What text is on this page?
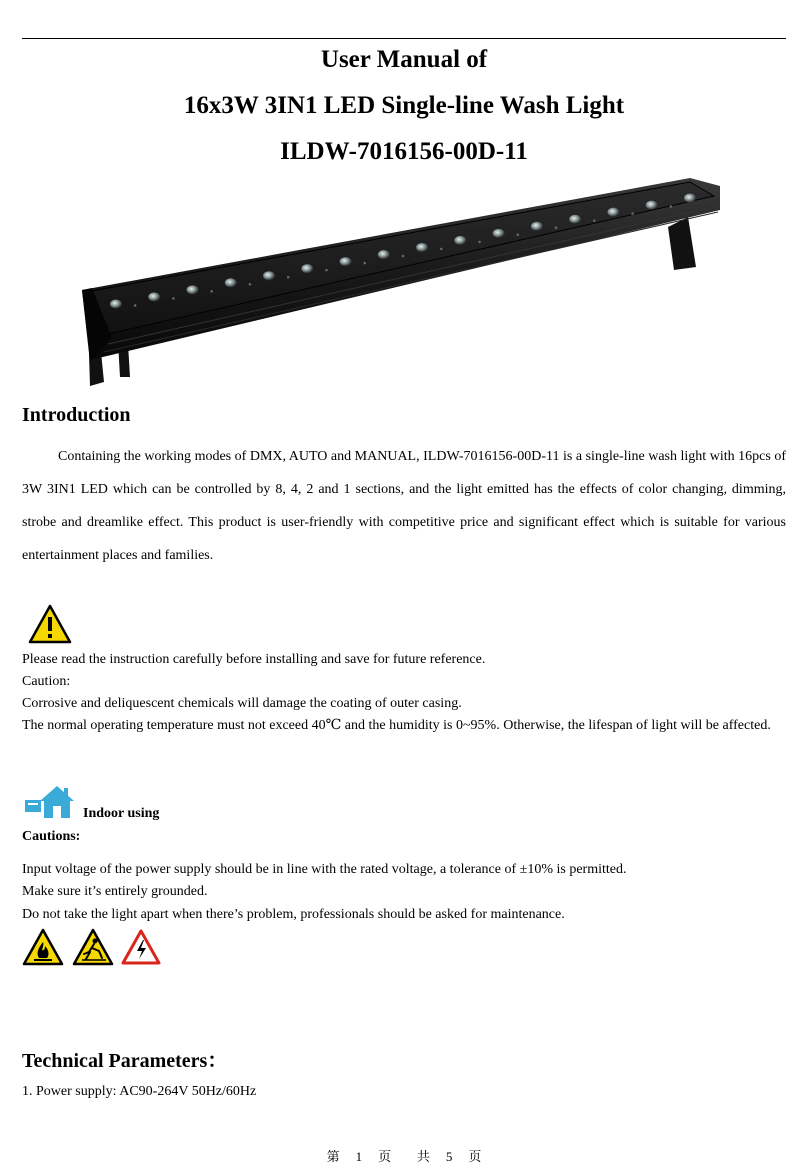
User Manual of
16x3W 3IN1 LED Single-line Wash Light
ILDW-7016156-00D-11
Introduction
Containing the working modes of DMX, AUTO and MANUAL, ILDW-7016156-00D-11 is a single-line wash light with 16pcs of 3W 3IN1 LED which can be controlled by 8, 4, 2 and 1 sections, and the light emitted has the effects of color changing, dimming, strobe and dreamlike effect. This product is user-friendly with competitive price and significant effect which is suitable for various entertainment places and families.
Please read the instruction carefully before installing and save for future reference.
Caution:
Corrosive and deliquescent chemicals will damage the coating of outer casing.
The normal operating temperature must not exceed 40℃ and the humidity is 0~95%. Otherwise, the lifespan of light will be affected.
Indoor using
Cautions:
Input voltage of the power supply should be in line with the rated voltage, a tolerance of ±10% is permitted.
Make sure it’s entirely grounded.
Do not take the light apart when there’s problem, professionals should be asked for maintenance.
Technical Parameters：
1. Power supply: AC90-264V 50Hz/60Hz
第 1 页 共 5 页
